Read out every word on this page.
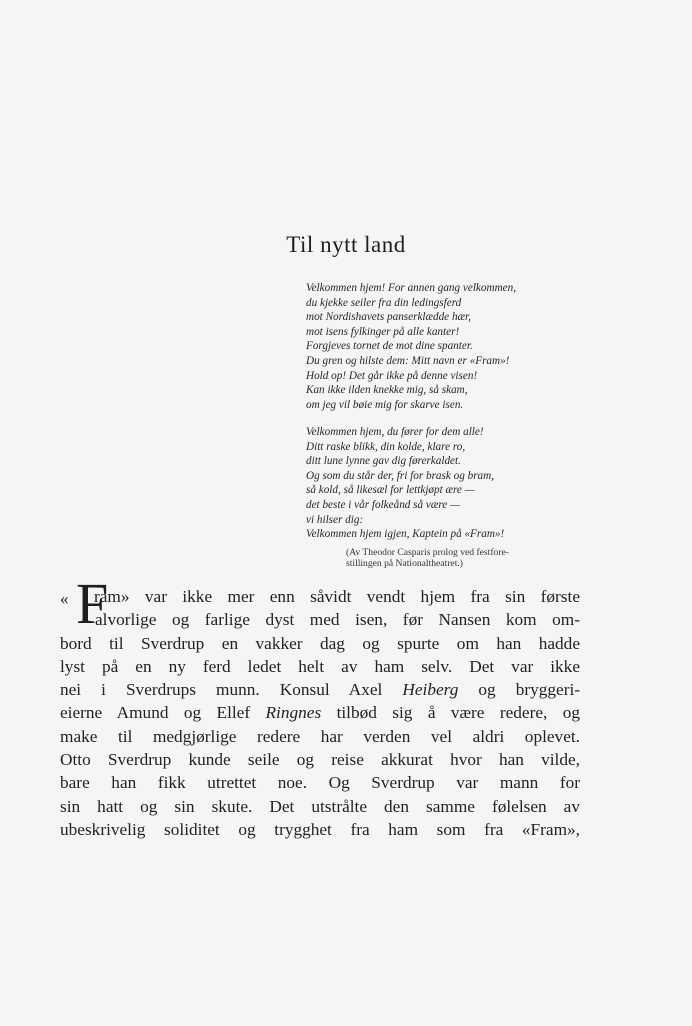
Til nytt land
Velkommen hjem! For annen gang velkommen,
du kjekke seiler fra din ledingsferd
mot Nordishavets panserklædde hær,
mot isens fylkinger på alle kanter!
Forgjeves tornet de mot dine spanter.
Du gren og hilste dem: Mitt navn er «Fram»!
Hold op! Det går ikke på denne visen!
Kan ikke ilden knekke mig, så skam,
om jeg vil bøie mig for skarve isen.
Velkommen hjem, du fører for dem alle!
Ditt raske blikk, din kolde, klare ro,
ditt lune lynne gav dig førerkaldet.
Og som du står der, fri for brask og bram,
så kold, så likesæl for lettkjøpt ære —
det beste i vår folkeånd så være —
vi hilser dig:
Velkommen hjem igjen, Kaptein på «Fram»!
(Av Theodor Casparis prolog ved festfore-
stillingen på Nationaltheatret.)
« F
ram» var ikke mer enn såvidt vendt hjem fra sin første
alvorlige og farlige dyst med isen, før Nansen kom om-
bord til Sverdrup en vakker dag og spurte om han hadde
lyst på en ny ferd ledet helt av ham selv. Det var ikke
nei i Sverdrups munn. Konsul Axel Heiberg og bryggeri-
eierne Amund og Ellef Ringnes tilbød sig å være redere, og
make til medgjørlige redere har verden vel aldri oplevet.
Otto Sverdrup kunde seile og reise akkurat hvor han vilde,
bare han fikk utrettet noe. Og Sverdrup var mann for
sin hatt og sin skute. Det utstrålte den samme følelsen av
ubeskrivelig soliditet og trygghet fra ham som fra «Fram»,
